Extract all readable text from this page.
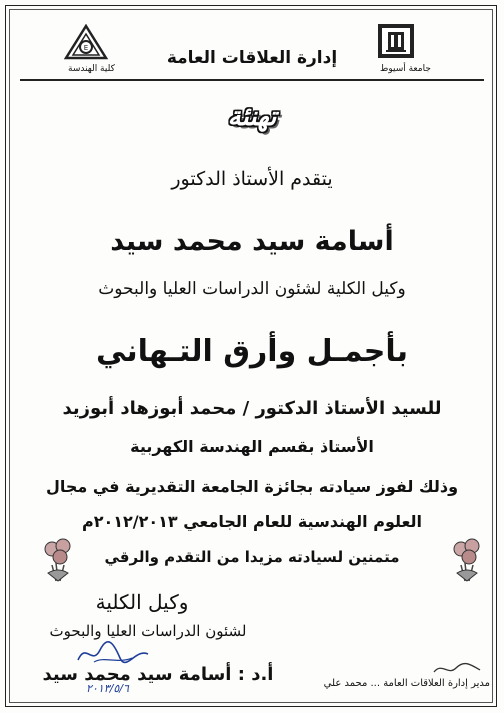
جامعة أسيوط
E
كلية الهندسة
إدارة العلاقات العامة
تهنئة
يتقدم الأستاذ الدكتور
أسامة سيد محمد سيد
وكيل الكلية لشئون الدراسات العليا والبحوث
بأجمـل وأرق التـهاني
للسيد الأستاذ الدكتور / محمد أبوزهاد أبوزيد
الأستاذ بقسم الهندسة الكهربية
وذلك لفوز سيادته بجائزة الجامعة التقديرية في مجال
العلوم الهندسية للعام الجامعي ٢٠١٢/٢٠١٣م
متمنين لسيادته مزيدا من التقدم والرقي
وكيل الكلية
لشئون الدراسات العليا والبحوث
أ.د : أسامة سيد محمد سيد
٢٠١٣/٥/٦	مدير إدارة العلاقات العامة ... محمد علي
